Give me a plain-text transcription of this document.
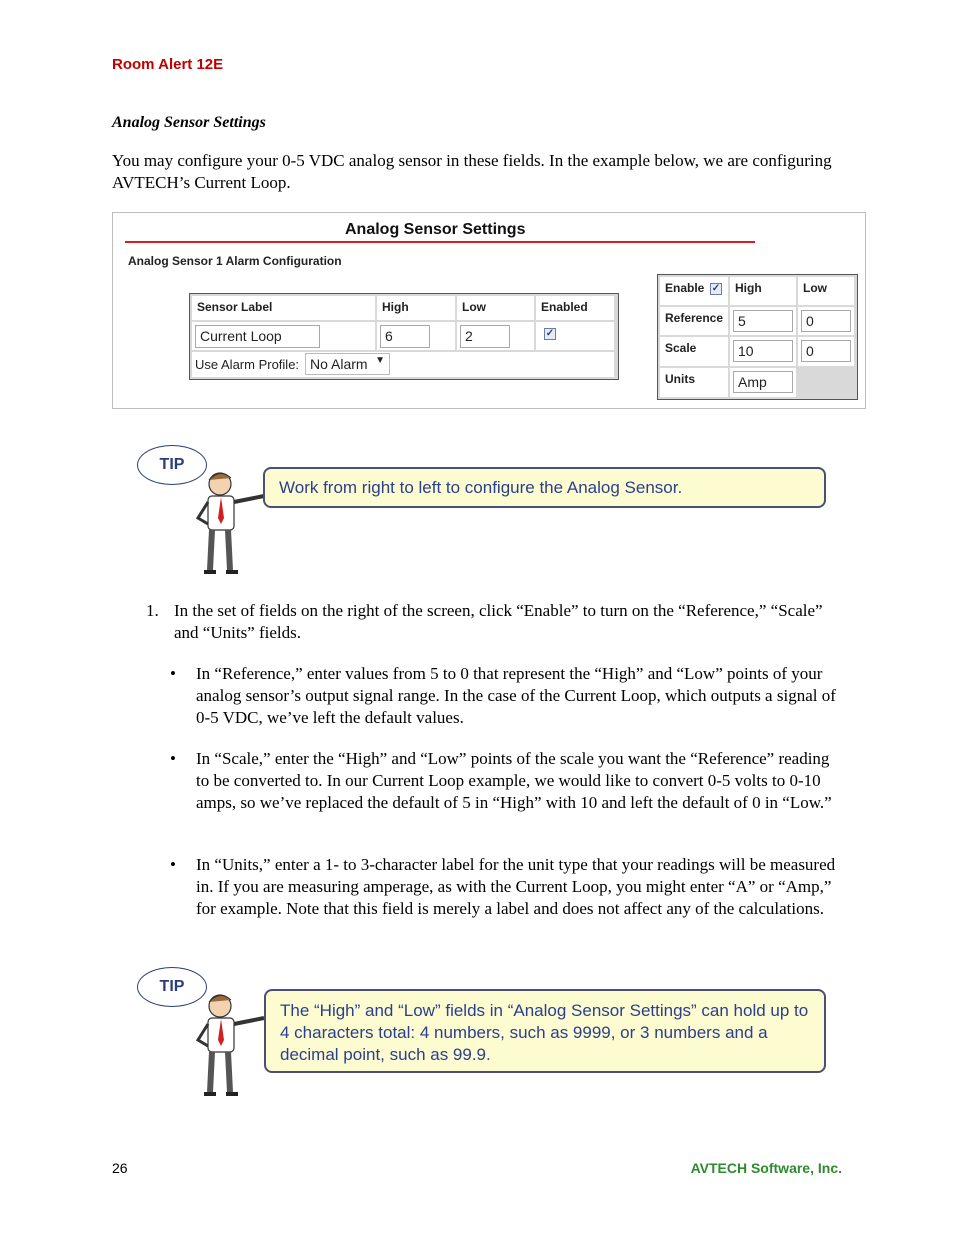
Room Alert 12E
Analog Sensor Settings
You may configure your 0-5 VDC analog sensor in these fields. In the example below, we are configuring AVTECH’s Current Loop.
Analog Sensor Settings
Analog Sensor 1 Alarm Configuration
Sensor Label	High	Low	Enabled
Current Loop	6	2	✓
Use Alarm Profile: No Alarm ▼
Enable ✓	High	Low
Reference	5	0
Scale	10	0
Units	Amp
TIP
Work from right to left to configure the Analog Sensor.
1. In the set of fields on the right of the screen, click “Enable” to turn on the “Reference,” “Scale” and “Units” fields.
• In “Reference,” enter values from 5 to 0 that represent the “High” and “Low” points of your analog sensor’s output signal range. In the case of the Current Loop, which outputs a signal of 0-5 VDC, we’ve left the default values.
• In “Scale,” enter the “High” and “Low” points of the scale you want the “Reference” reading to be converted to. In our Current Loop example, we would like to convert 0-5 volts to 0-10 amps, so we’ve replaced the default of 5 in “High” with 10 and left the default of 0 in “Low.”
• In “Units,” enter a 1- to 3-character label for the unit type that your readings will be measured in. If you are measuring amperage, as with the Current Loop, you might enter “A” or “Amp,” for example. Note that this field is merely a label and does not affect any of the calculations.
TIP
The “High” and “Low” fields in “Analog Sensor Settings” can hold up to 4 characters total: 4 numbers, such as 9999, or 3 numbers and a decimal point, such as 99.9.
26	AVTECH Software, Inc.
